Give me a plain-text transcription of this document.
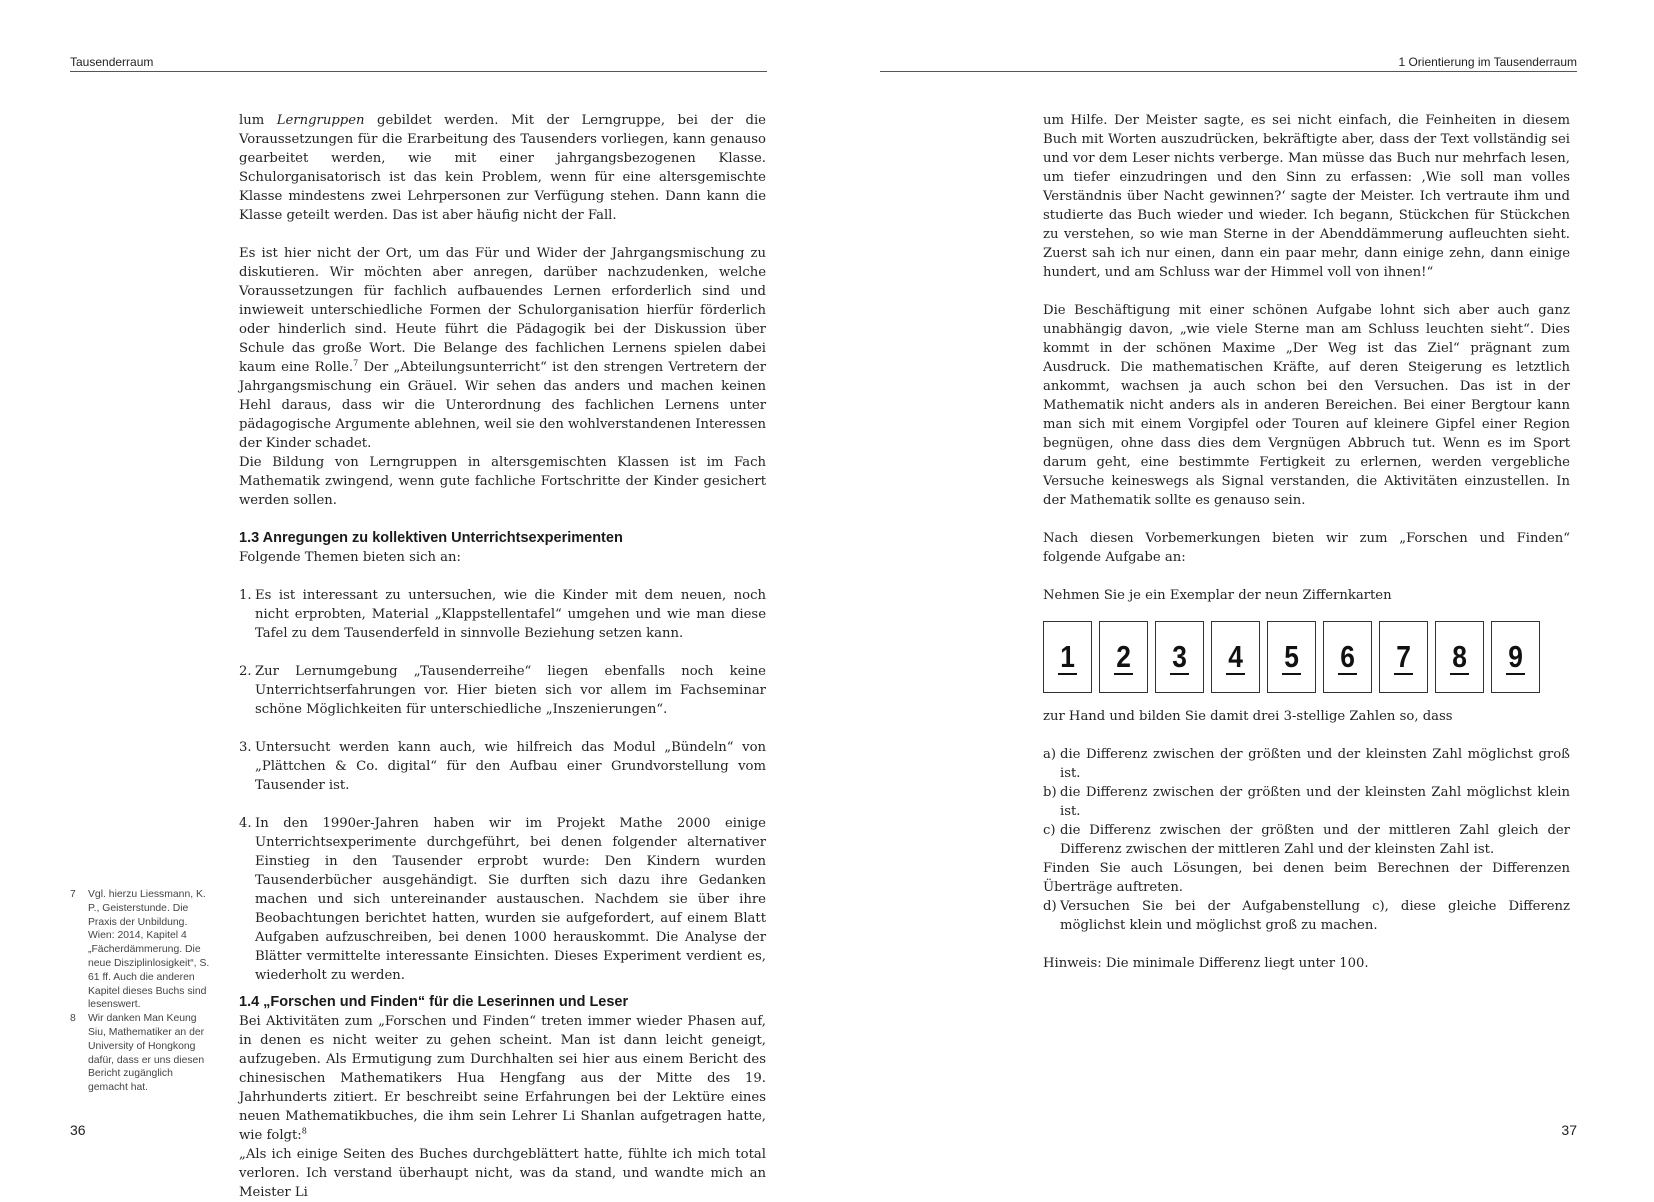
Tausenderraum

lum Lerngruppen gebildet werden. Mit der Lerngruppe, bei der die Voraussetzungen für die Erarbeitung des Tausenders vorliegen, kann genauso gearbeitet werden, wie mit einer jahrgangsbezogenen Klasse. Schulorganisatorisch ist das kein Problem, wenn für eine altersgemischte Klasse mindestens zwei Lehrpersonen zur Verfügung stehen. Dann kann die Klasse geteilt werden. Das ist aber häufig nicht der Fall.

Es ist hier nicht der Ort, um das Für und Wider der Jahrgangsmischung zu diskutieren. Wir möchten aber anregen, darüber nachzudenken, welche Voraussetzungen für fachlich aufbauendes Lernen erforderlich sind und inwieweit unterschiedliche Formen der Schulorganisation hierfür förderlich oder hinderlich sind. Heute führt die Pädagogik bei der Diskussion über Schule das große Wort. Die Belange des fachlichen Lernens spielen dabei kaum eine Rolle.$^7$ Der „Abteilungsunterricht“ ist den strengen Vertretern der Jahrgangsmischung ein Gräuel. Wir sehen das anders und machen keinen Hehl daraus, dass wir die Unterordnung des fachlichen Lernens unter pädagogische Argumente ablehnen, weil sie den wohlverstandenen Interessen der Kinder schadet.

Die Bildung von Lerngruppen in altersgemischten Klassen ist im Fach Mathematik zwingend, wenn gute fachliche Fortschritte der Kinder gesichert werden sollen.

1.3 Anregungen zu kollektiven Unterrichtsexperimenten

Folgende Themen bieten sich an:

1. Es ist interessant zu untersuchen, wie die Kinder mit dem neuen, noch nicht erprobten, Material „Klappstellentafel“ umgehen und wie man diese Tafel zu dem Tausenderfeld in sinnvolle Beziehung setzen kann.
2. Zur Lernumgebung „Tausenderreihe“ liegen ebenfalls noch keine Unterrichtserfahrungen vor. Hier bieten sich vor allem im Fachseminar schöne Möglichkeiten für unterschiedliche „Inszenierungen“.
3. Untersucht werden kann auch, wie hilfreich das Modul „Bündeln“ von „Plättchen & Co. digital“ für den Aufbau einer Grundvorstellung vom Tausender ist.
4. In den 1990er-Jahren haben wir im Projekt Mathe 2000 einige Unterrichtsexperimente durchgeführt, bei denen folgender alternativer Einstieg in den Tausender erprobt wurde: Den Kindern wurden Tausenderbücher ausgehändigt. Sie durften sich dazu ihre Gedanken machen und sich untereinander austauschen. Nachdem sie über ihre Beobachtungen berichtet hatten, wurden sie aufgefordert, auf einem Blatt Aufgaben aufzuschreiben, bei denen 1000 herauskommt. Die Analyse der Blätter vermittelte interessante Einsichten. Dieses Experiment verdient es, wiederholt zu werden.
1.4 „Forschen und Finden“ für die Leserinnen und Leser

Bei Aktivitäten zum „Forschen und Finden“ treten immer wieder Phasen auf, in denen es nicht weiter zu gehen scheint. Man ist dann leicht geneigt, aufzugeben. Als Ermutigung zum Durchhalten sei hier aus einem Bericht des chinesischen Mathematikers Hua Hengfang aus der Mitte des 19. Jahrhunderts zitiert. Er beschreibt seine Erfahrungen bei der Lektüre eines neuen Mathematikbuches, die ihm sein Lehrer Li Shanlan aufgetragen hatte, wie folgt:$^8$

„Als ich einige Seiten des Buches durchgeblättert hatte, fühlte ich mich total verloren. Ich verstand überhaupt nicht, was da stand, und wandte mich an Meister Li

7 Vgl. hierzu Liessmann, K. P., Geisterstunde. Die Praxis der Unbildung. Wien: 2014, Kapitel 4 „Fächerdämmerung. Die neue Disziplinlosigkeit“, S. 61 ff. Auch die anderen Kapitel dieses Buchs sind lesenswert.
8 Wir danken Man Keung Siu, Mathematiker an der University of Hongkong dafür, dass er uns diesen Bericht zugänglich gemacht hat.
36
1 Orientierung im Tausenderraum

um Hilfe. Der Meister sagte, es sei nicht einfach, die Feinheiten in diesem Buch mit Worten auszudrücken, bekräftigte aber, dass der Text vollständig sei und vor dem Leser nichts verberge. Man müsse das Buch nur mehrfach lesen, um tiefer einzudringen und den Sinn zu erfassen: ‚Wie soll man volles Verständnis über Nacht gewinnen?‘ sagte der Meister. Ich vertraute ihm und studierte das Buch wieder und wieder. Ich begann, Stückchen für Stückchen zu verstehen, so wie man Sterne in der Abenddämmerung aufleuchten sieht. Zuerst sah ich nur einen, dann ein paar mehr, dann einige zehn, dann einige hundert, und am Schluss war der Himmel voll von ihnen!“

Die Beschäftigung mit einer schönen Aufgabe lohnt sich aber auch ganz unabhängig davon, „wie viele Sterne man am Schluss leuchten sieht“. Dies kommt in der schönen Maxime „Der Weg ist das Ziel“ prägnant zum Ausdruck. Die mathematischen Kräfte, auf deren Steigerung es letztlich ankommt, wachsen ja auch schon bei den Versuchen. Das ist in der Mathematik nicht anders als in anderen Bereichen. Bei einer Bergtour kann man sich mit einem Vorgipfel oder Touren auf kleinere Gipfel einer Region begnügen, ohne dass dies dem Vergnügen Abbruch tut. Wenn es im Sport darum geht, eine bestimmte Fertigkeit zu erlernen, werden vergebliche Versuche keineswegs als Signal verstanden, die Aktivitäten einzustellen. In der Mathematik sollte es genauso sein.

Nach diesen Vorbemerkungen bieten wir zum „Forschen und Finden“ folgende Aufgabe an:

Nehmen Sie je ein Exemplar der neun Ziffernkarten

1 2 3 4 5 6 7 8 9

zur Hand und bilden Sie damit drei 3-stellige Zahlen so, dass

a) die Differenz zwischen der größten und der kleinsten Zahl möglichst groß ist.
b) die Differenz zwischen der größten und der kleinsten Zahl möglichst klein ist.
c) die Differenz zwischen der größten und der mittleren Zahl gleich der Differenz zwischen der mittleren Zahl und der kleinsten Zahl ist.

Finden Sie auch Lösungen, bei denen beim Berechnen der Differenzen Überträge auftreten.

d) Versuchen Sie bei der Aufgabenstellung c), diese gleiche Differenz möglichst klein und möglichst groß zu machen.

Hinweis: Die minimale Differenz liegt unter 100.

37
